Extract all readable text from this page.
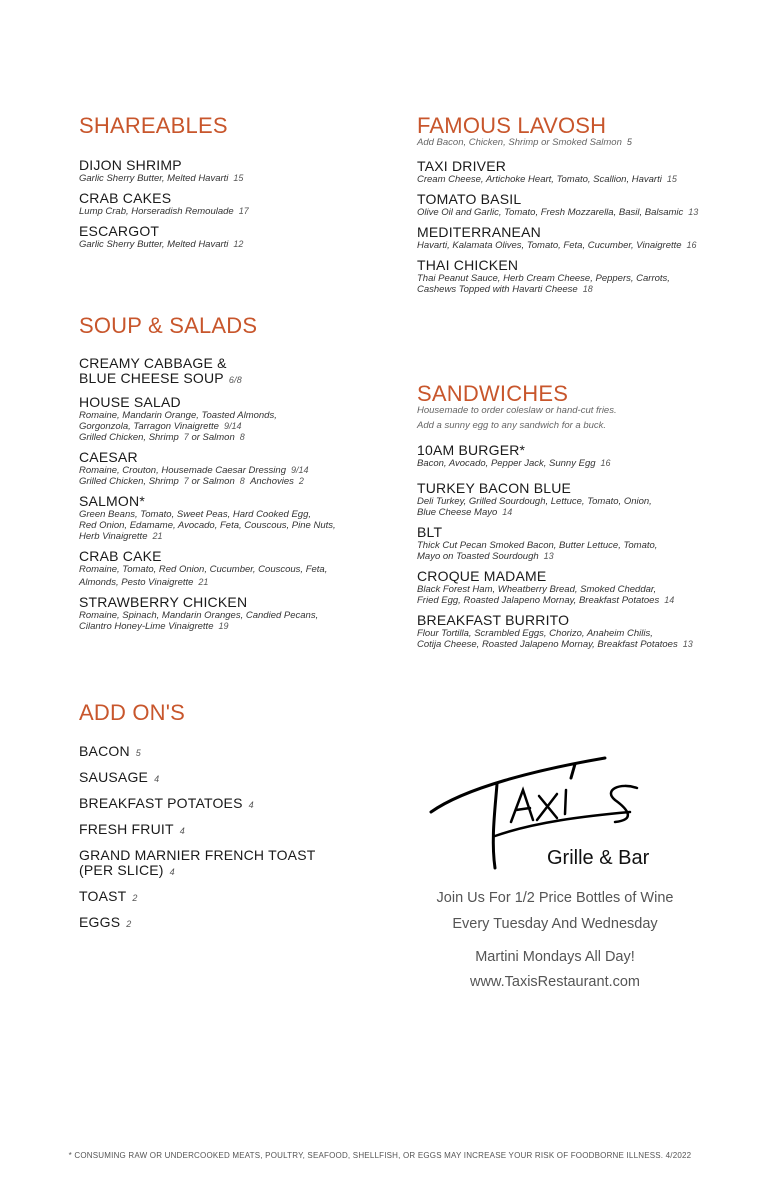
SHAREABLES
DIJON SHRIMP
Garlic Sherry Butter, Melted Havarti 15
CRAB CAKES
Lump Crab, Horseradish Remoulade 17
ESCARGOT
Garlic Sherry Butter, Melted Havarti 12
SOUP & SALADS
CREAMY CABBAGE &
BLUE CHEESE SOUP 6/8
HOUSE SALAD
Romaine, Mandarin Orange, Toasted Almonds,
Gorgonzola, Tarragon Vinaigrette 9/14
Grilled Chicken, Shrimp 7 or Salmon 8
CAESAR
Romaine, Crouton, Housemade Caesar Dressing 9/14
Grilled Chicken, Shrimp 7 or Salmon 8 Anchovies 2
SALMON*
Green Beans, Tomato, Sweet Peas, Hard Cooked Egg,
Red Onion, Edamame, Avocado, Feta, Couscous, Pine Nuts,
Herb Vinaigrette 21
CRAB CAKE
Romaine, Tomato, Red Onion, Cucumber, Couscous, Feta,
Almonds, Pesto Vinaigrette 21
STRAWBERRY CHICKEN
Romaine, Spinach, Mandarin Oranges, Candied Pecans,
Cilantro Honey-Lime Vinaigrette 19
ADD ON'S
BACON 5
SAUSAGE 4
BREAKFAST POTATOES 4
FRESH FRUIT 4
GRAND MARNIER FRENCH TOAST
(PER SLICE) 4
TOAST 2
EGGS 2
FAMOUS LAVOSH
Add Bacon, Chicken, Shrimp or Smoked Salmon 5
TAXI DRIVER
Cream Cheese, Artichoke Heart, Tomato, Scallion, Havarti 15
TOMATO BASIL
Olive Oil and Garlic, Tomato, Fresh Mozzarella, Basil, Balsamic 13
MEDITERRANEAN
Havarti, Kalamata Olives, Tomato, Feta, Cucumber, Vinaigrette 16
THAI CHICKEN
Thai Peanut Sauce, Herb Cream Cheese, Peppers, Carrots,
Cashews Topped with Havarti Cheese 18
SANDWICHES
Housemade to order coleslaw or hand-cut fries.
Add a sunny egg to any sandwich for a buck.
10AM BURGER*
Bacon, Avocado, Pepper Jack, Sunny Egg 16
TURKEY BACON BLUE
Deli Turkey, Grilled Sourdough, Lettuce, Tomato, Onion,
Blue Cheese Mayo 14
BLT
Thick Cut Pecan Smoked Bacon, Butter Lettuce, Tomato,
Mayo on Toasted Sourdough 13
CROQUE MADAME
Black Forest Ham, Wheatberry Bread, Smoked Cheddar,
Fried Egg, Roasted Jalapeno Mornay, Breakfast Potatoes 14
BREAKFAST BURRITO
Flour Tortilla, Scrambled Eggs, Chorizo, Anaheim Chilis,
Cotija Cheese, Roasted Jalapeno Mornay, Breakfast Potatoes 13
Grille & Bar

Join Us For 1/2 Price Bottles of Wine

Every Tuesday And Wednesday

Martini Mondays All Day!

www.TaxisRestaurant.com

* CONSUMING RAW OR UNDERCOOKED MEATS, POULTRY, SEAFOOD, SHELLFISH, OR EGGS MAY INCREASE YOUR RISK OF FOODBORNE ILLNESS. 4/2022
